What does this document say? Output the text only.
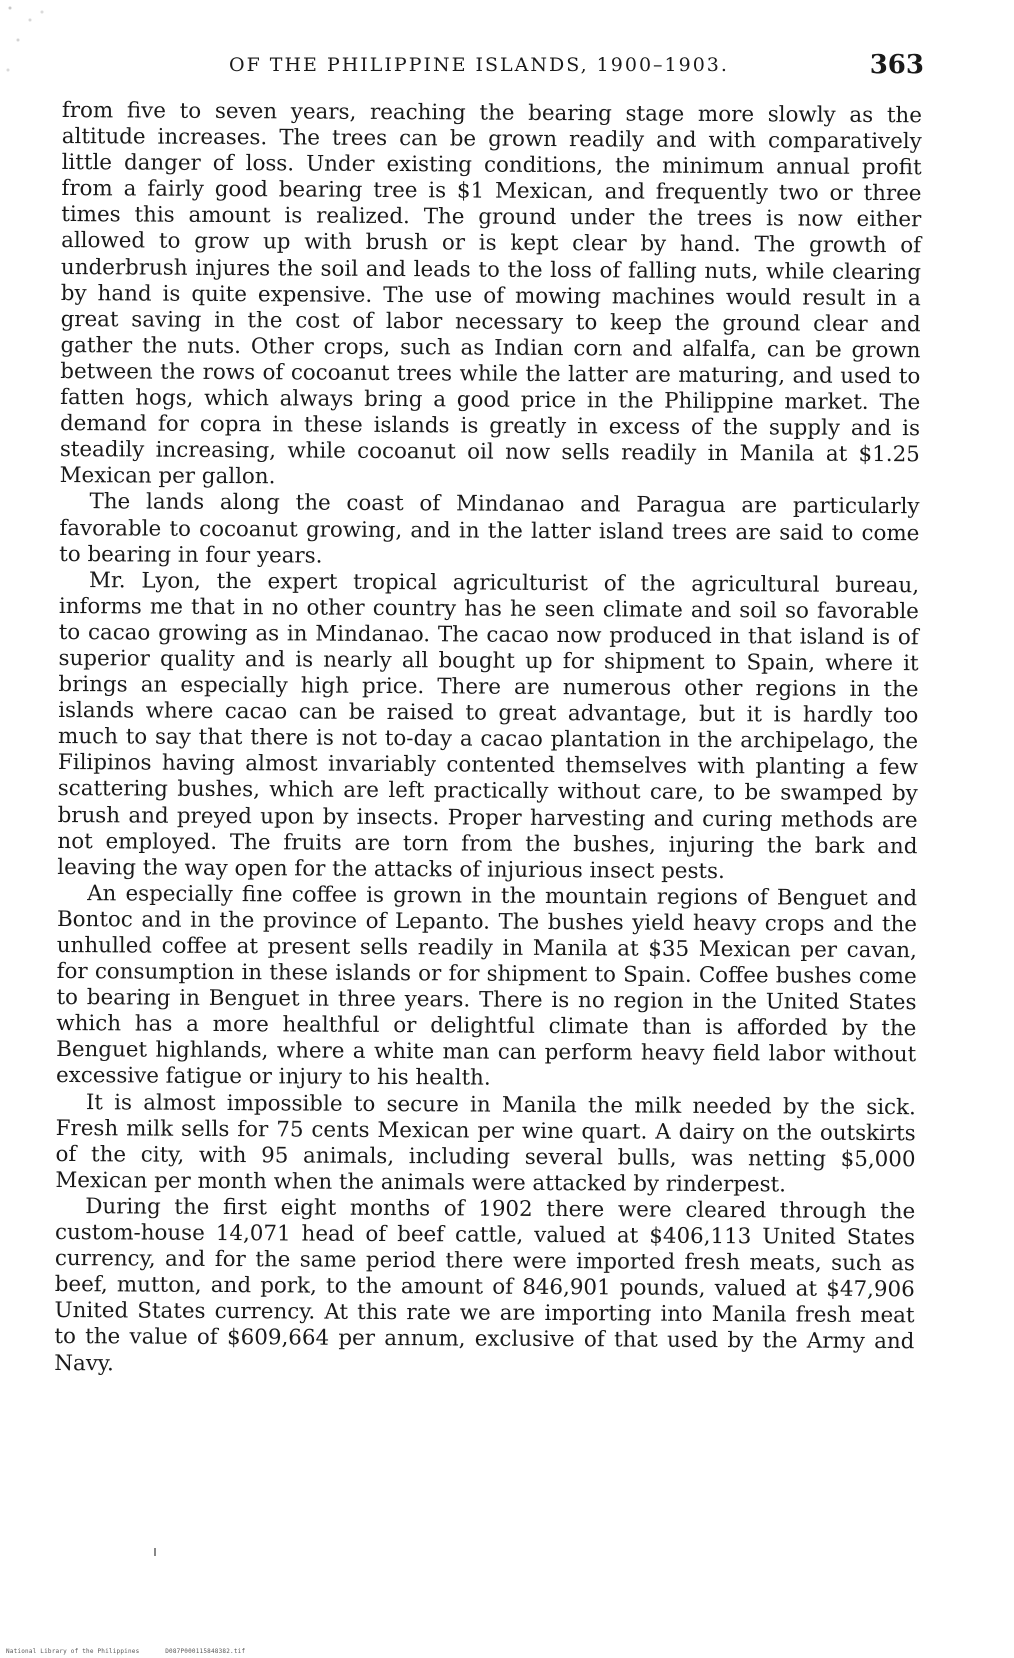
OF THE PHILIPPINE ISLANDS, 1900–1903.	363

from five to seven years, reaching the bearing stage more slowly as the altitude increases. The trees can be grown readily and with comparatively little danger of loss. Under existing conditions, the minimum annual profit from a fairly good bearing tree is $1 Mexican, and frequently two or three times this amount is realized. The ground under the trees is now either allowed to grow up with brush or is kept clear by hand. The growth of underbrush injures the soil and leads to the loss of falling nuts, while clearing by hand is quite expensive. The use of mowing machines would result in a great saving in the cost of labor necessary to keep the ground clear and gather the nuts. Other crops, such as Indian corn and alfalfa, can be grown between the rows of cocoanut trees while the latter are maturing, and used to fatten hogs, which always bring a good price in the Philippine market. The demand for copra in these islands is greatly in excess of the supply and is steadily increasing, while cocoanut oil now sells readily in Manila at $1.25 Mexican per gallon.

The lands along the coast of Mindanao and Paragua are particularly favorable to cocoanut growing, and in the latter island trees are said to come to bearing in four years.

Mr. Lyon, the expert tropical agriculturist of the agricultural bureau, informs me that in no other country has he seen climate and soil so favorable to cacao growing as in Mindanao. The cacao now produced in that island is of superior quality and is nearly all bought up for shipment to Spain, where it brings an especially high price. There are numerous other regions in the islands where cacao can be raised to great advantage, but it is hardly too much to say that there is not to-day a cacao plantation in the archipelago, the Filipinos having almost invariably contented themselves with planting a few scattering bushes, which are left practically without care, to be swamped by brush and preyed upon by insects. Proper harvesting and curing methods are not employed. The fruits are torn from the bushes, injuring the bark and leaving the way open for the attacks of injurious insect pests.

An especially fine coffee is grown in the mountain regions of Benguet and Bontoc and in the province of Lepanto. The bushes yield heavy crops and the unhulled coffee at present sells readily in Manila at $35 Mexican per cavan, for consumption in these islands or for shipment to Spain. Coffee bushes come to bearing in Benguet in three years. There is no region in the United States which has a more healthful or delightful climate than is afforded by the Benguet highlands, where a white man can perform heavy field labor without excessive fatigue or injury to his health.

It is almost impossible to secure in Manila the milk needed by the sick. Fresh milk sells for 75 cents Mexican per wine quart. A dairy on the outskirts of the city, with 95 animals, including several bulls, was netting $5,000 Mexican per month when the animals were attacked by rinderpest.

During the first eight months of 1902 there were cleared through the custom-house 14,071 head of beef cattle, valued at $406,113 United States currency, and for the same period there were imported fresh meats, such as beef, mutton, and pork, to the amount of 846,901 pounds, valued at $47,906 United States currency. At this rate we are importing into Manila fresh meat to the value of $609,664 per annum, exclusive of that used by the Army and Navy.

National Library of the Philippines	D087P000115848382.tif
